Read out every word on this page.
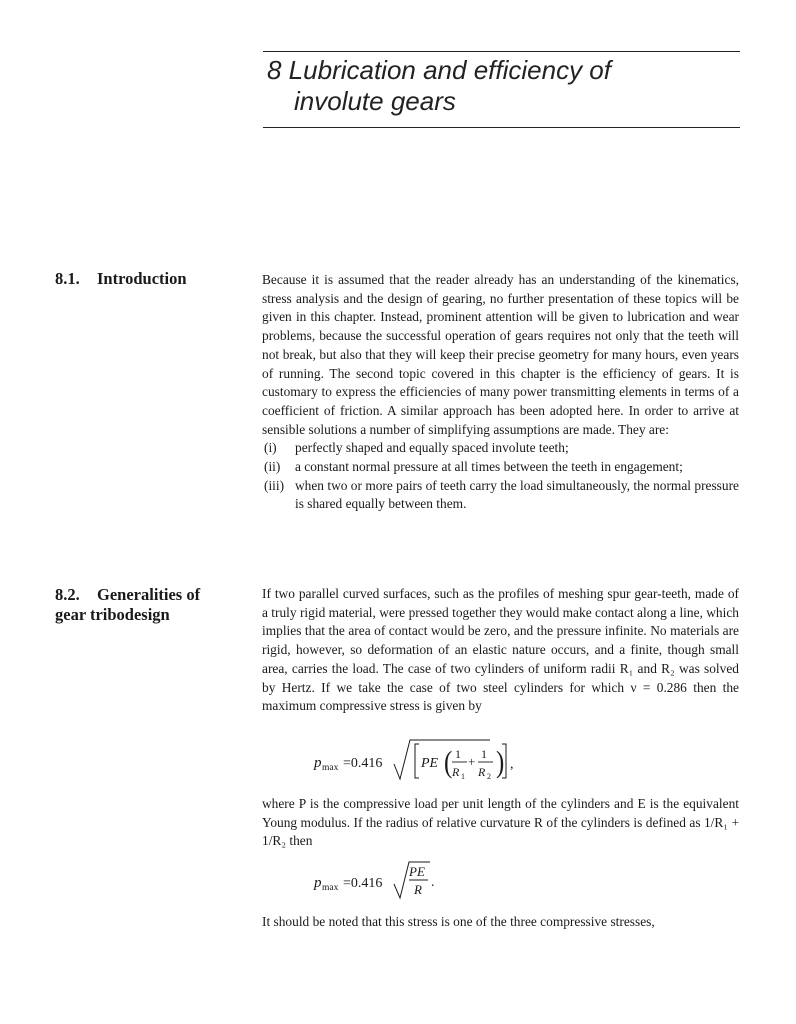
8 Lubrication and efficiency of
involute gears
8.1. Introduction	Because it is assumed that the reader already has an understanding of the kinematics, stress analysis and the design of gearing, no further presentation of these topics will be given in this chapter. Instead, prominent attention will be given to lubrication and wear problems, because the successful operation of gears requires not only that the teeth will not break, but also that they will keep their precise geometry for many hours, even years of running. The second topic covered in this chapter is the efficiency of gears. It is customary to express the efficiencies of many power transmitting elements in terms of a coefficient of friction. A similar approach has been adopted here. In order to arrive at sensible solutions a number of simplifying assumptions are made. They are:
(i)	perfectly shaped and equally spaced involute teeth;
(ii)	a constant normal pressure at all times between the teeth in engagement;
(iii) when two or more pairs of teeth carry the load simultaneously, the normal pressure is shared equally between them.
8.2. Generalities of
gear tribodesign
If two parallel curved surfaces, such as the profiles of meshing spur gear-teeth, made of a truly rigid material, were pressed together they would make contact along a line, which implies that the area of contact would be zero, and the pressure infinite. No materials are rigid, however, so deformation of an elastic nature occurs, and a finite, though small area, carries the load. The case of two cylinders of uniform radii R₁ and R₂ was solved by Hertz. If we take the case of two steel cylinders for which ν = 0.286 then the maximum compressive stress is given by
p max =0.416	PE ( 1
R 1
+ 1
R 2 ) ,
where P is the compressive load per unit length of the cylinders and E is the equivalent Young modulus. If the radius of relative curvature R of the cylinders is defined as 1/R₁ + 1/R₂ then
p max =0.416
PE
R .
It should be noted that this stress is one of the three compressive stresses,
